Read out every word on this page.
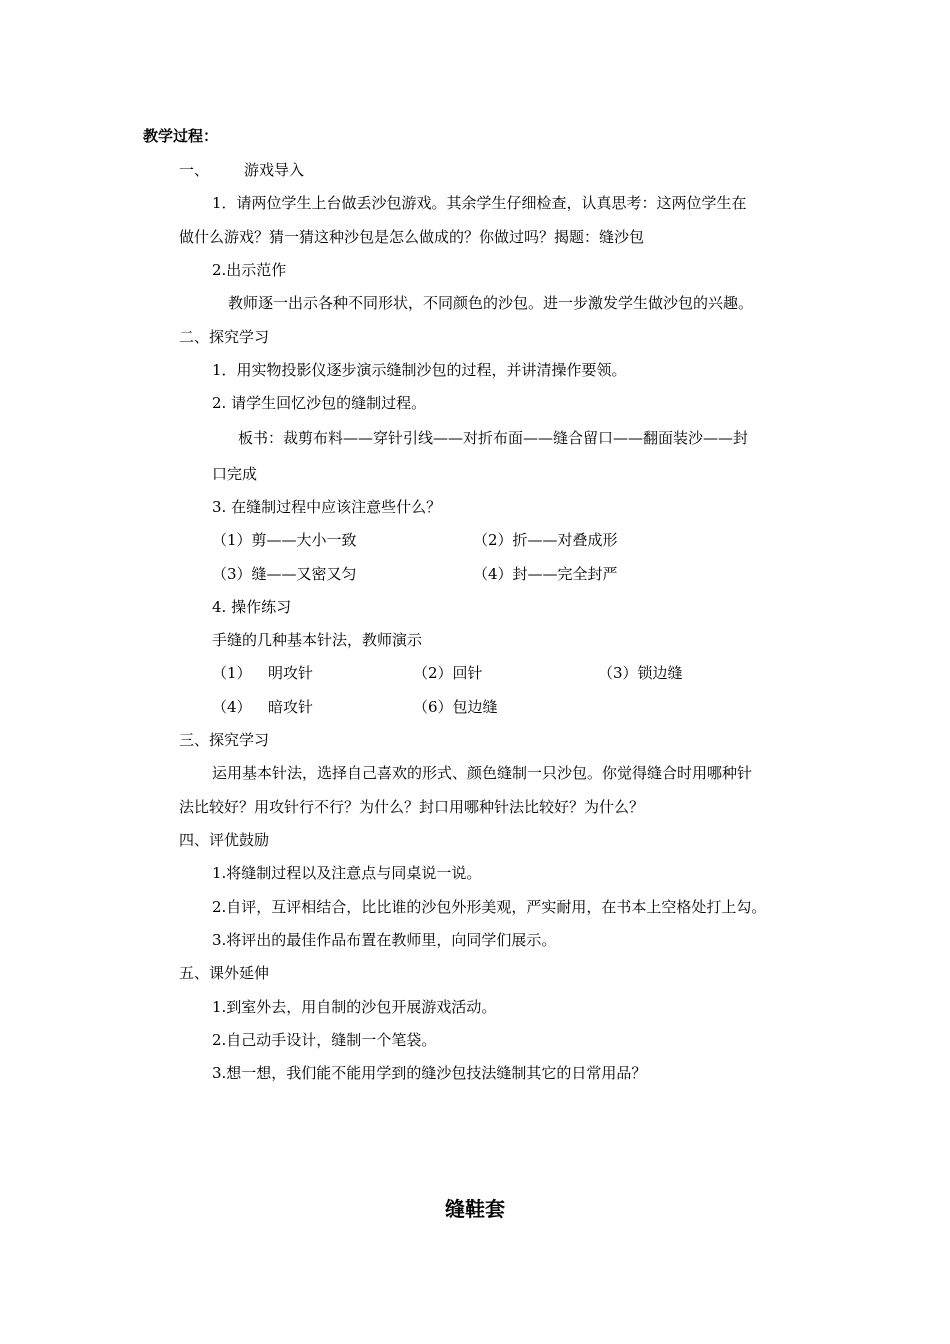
教学过程：
一、 游戏导入
1．请两位学生上台做丢沙包游戏。其余学生仔细检查，认真思考：这两位学生在
做什么游戏？猜一猜这种沙包是怎么做成的？你做过吗？揭题：缝沙包
2.出示范作
教师逐一出示各种不同形状，不同颜色的沙包。进一步激发学生做沙包的兴趣。
二、探究学习
1．用实物投影仪逐步演示缝制沙包的过程，并讲清操作要领。
2. 请学生回忆沙包的缝制过程。
板书：裁剪布料——穿针引线——对折布面——缝合留口——翻面装沙——封
口完成
3. 在缝制过程中应该注意些什么？
（1）剪——大小一致	（2）折——对叠成形
（3）缝——又密又匀	（4）封——完全封严
4. 操作练习
手缝的几种基本针法，教师演示
（1） 明攻针	（2）回针	（3）锁边缝
（4） 暗攻针	（6）包边缝
三、探究学习
运用基本针法，选择自己喜欢的形式、颜色缝制一只沙包。你觉得缝合时用哪种针
法比较好？用攻针行不行？为什么？封口用哪种针法比较好？为什么？
四、评优鼓励
1.将缝制过程以及注意点与同桌说一说。
2.自评，互评相结合，比比谁的沙包外形美观，严实耐用，在书本上空格处打上勾。
3.将评出的最佳作品布置在教师里，向同学们展示。
五、课外延伸
1.到室外去，用自制的沙包开展游戏活动。
2.自己动手设计，缝制一个笔袋。
3.想一想，我们能不能用学到的缝沙包技法缝制其它的日常用品？
缝鞋套
